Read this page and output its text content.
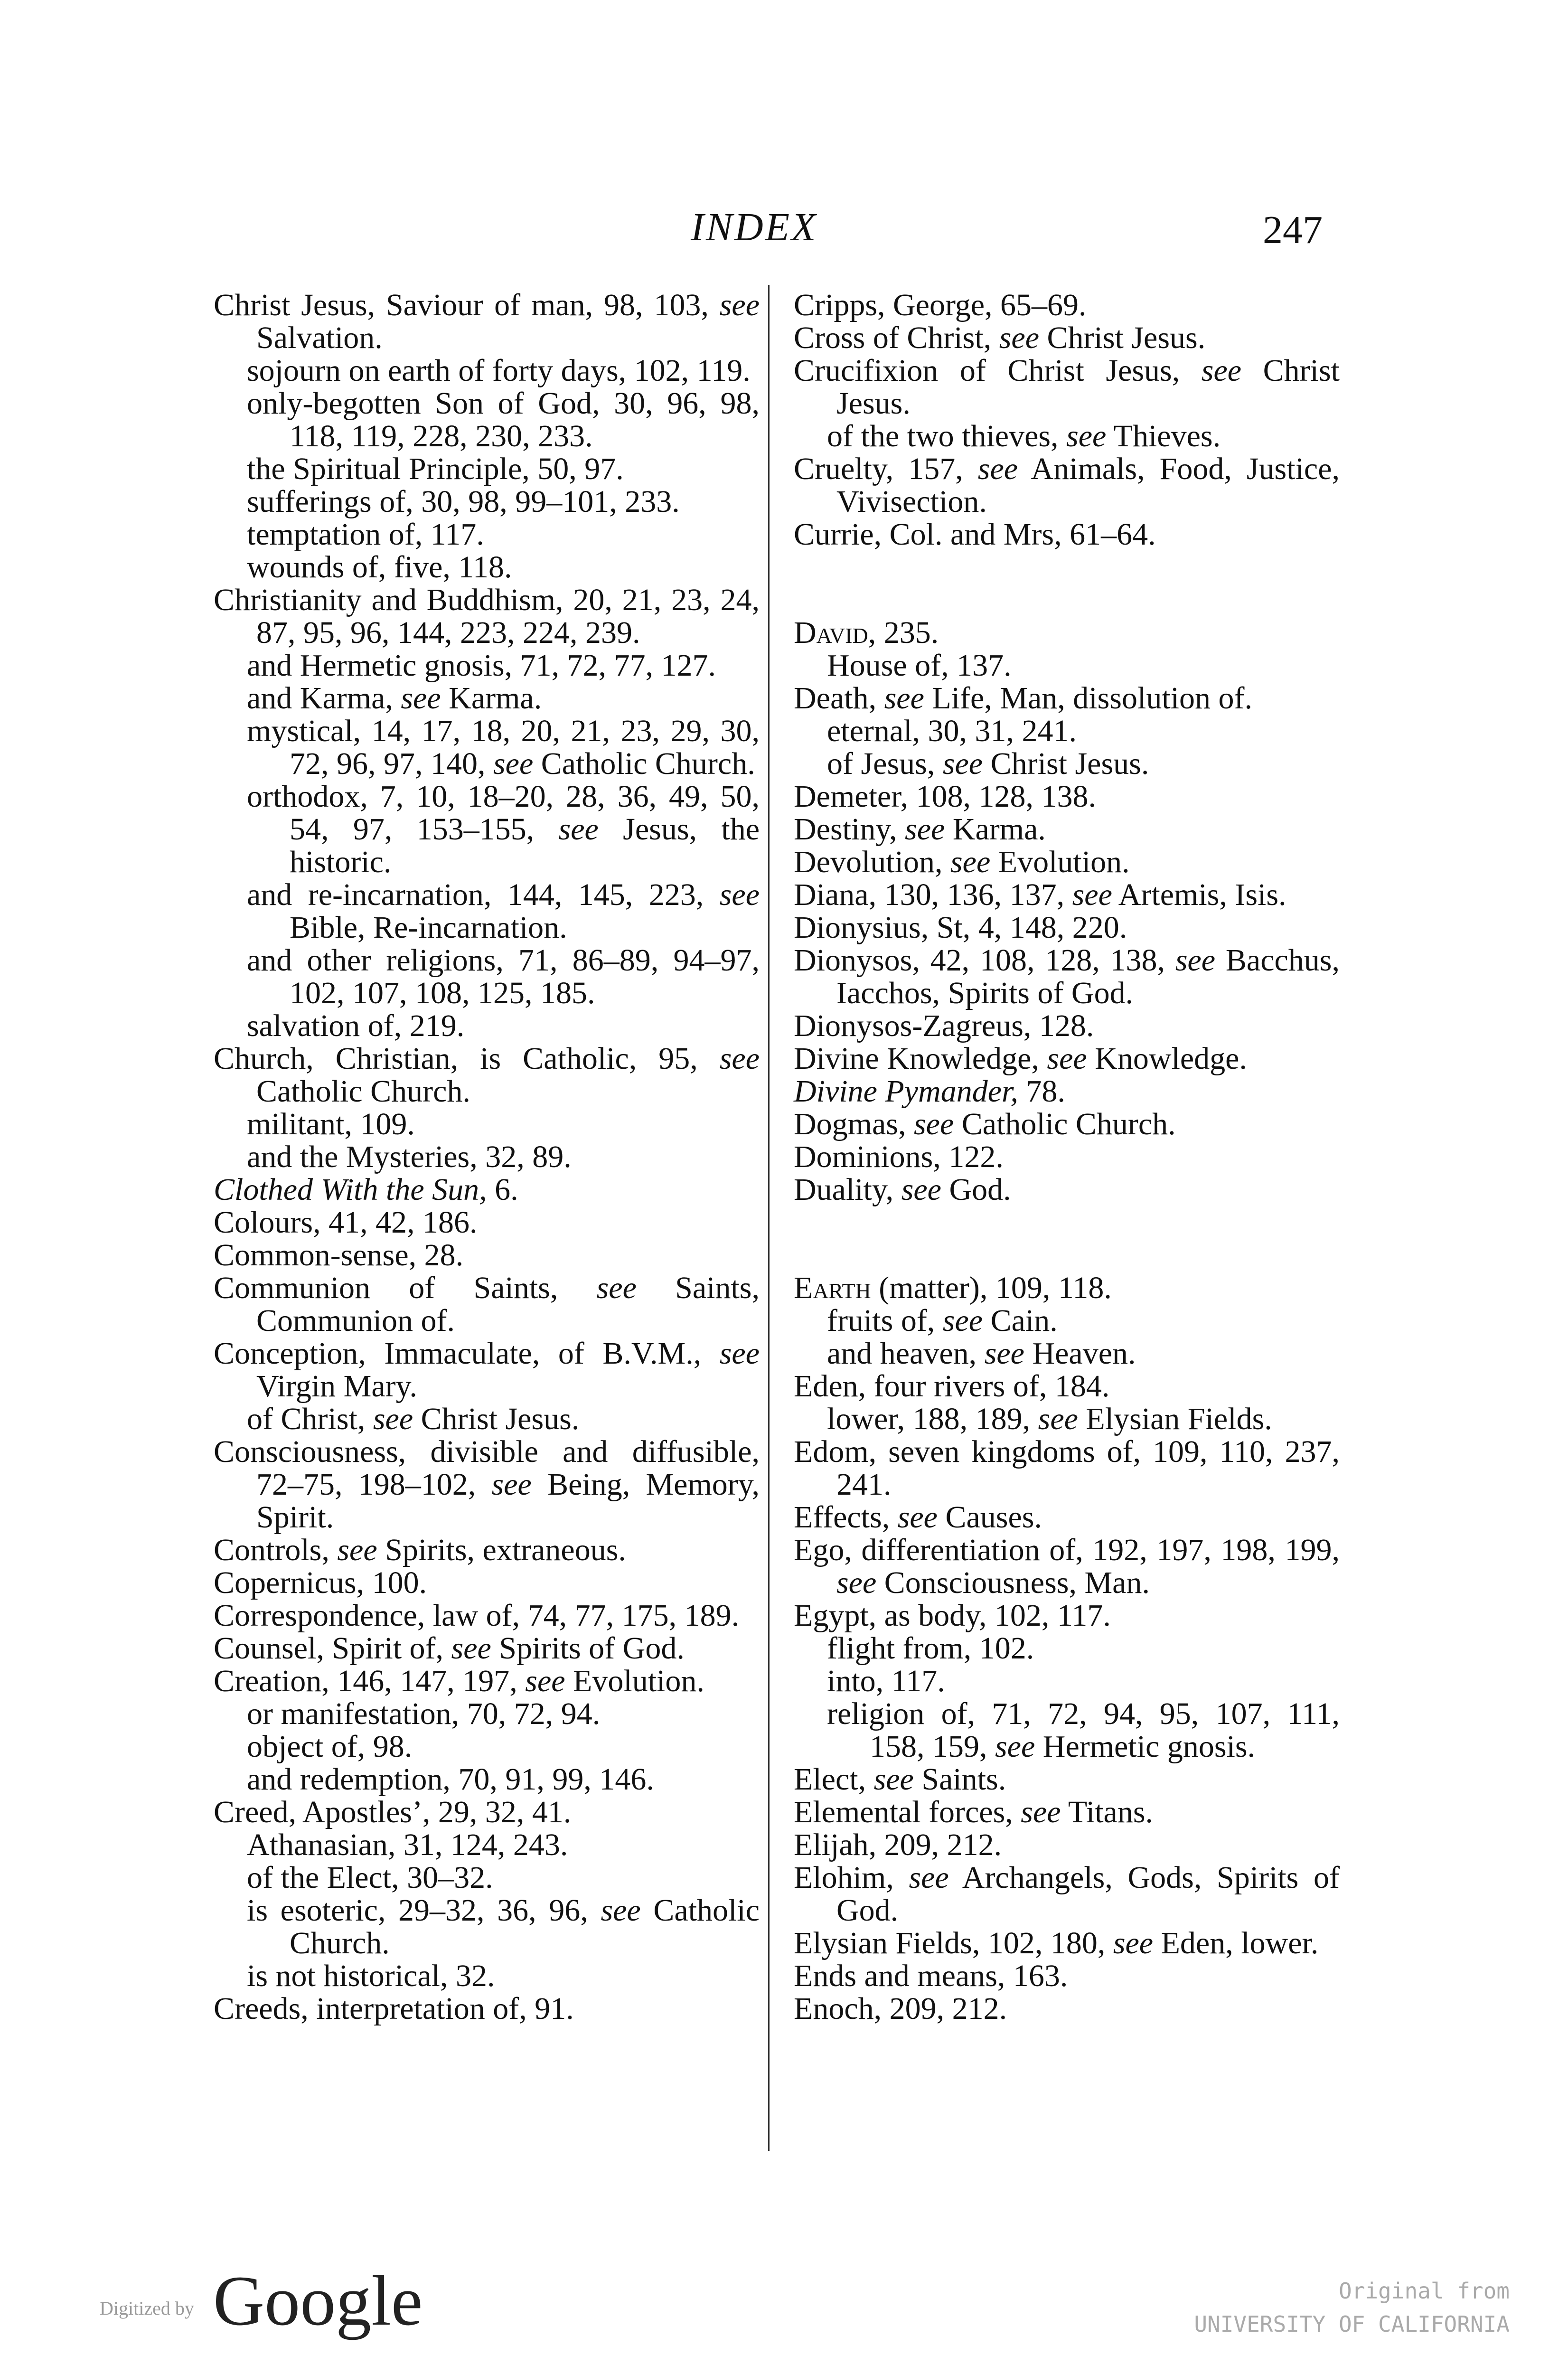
INDEX	247
Christ Jesus, Saviour of man, 98, 103, see Salvation.
sojourn on earth of forty days, 102, 119.
only-begotten Son of God, 30, 96, 98, 118, 119, 228, 230, 233.
the Spiritual Principle, 50, 97.
sufferings of, 30, 98, 99–101, 233.
temptation of, 117.
wounds of, five, 118.
Christianity and Buddhism, 20, 21, 23, 24, 87, 95, 96, 144, 223, 224, 239.
and Hermetic gnosis, 71, 72, 77, 127.
and Karma, see Karma.
mystical, 14, 17, 18, 20, 21, 23, 29, 30, 72, 96, 97, 140, see Catholic Church.
orthodox, 7, 10, 18–20, 28, 36, 49, 50, 54, 97, 153–155, see Jesus, the historic.
and re-incarnation, 144, 145, 223, see Bible, Re-incarnation.
and other religions, 71, 86–89, 94–97, 102, 107, 108, 125, 185.
salvation of, 219.
Church, Christian, is Catholic, 95, see Catholic Church.
militant, 109.
and the Mysteries, 32, 89.
Clothed With the Sun, 6.
Colours, 41, 42, 186.
Common-sense, 28.
Communion of Saints, see Saints, Communion of.
Conception, Immaculate, of B.V.M., see Virgin Mary.
of Christ, see Christ Jesus.
Consciousness, divisible and diffusible, 72–75, 198–102, see Being, Memory, Spirit.
Controls, see Spirits, extraneous.
Copernicus, 100.
Correspondence, law of, 74, 77, 175, 189.
Counsel, Spirit of, see Spirits of God.
Creation, 146, 147, 197, see Evolution.
or manifestation, 70, 72, 94.
object of, 98.
and redemption, 70, 91, 99, 146.
Creed, Apostles’, 29, 32, 41.
Athanasian, 31, 124, 243.
of the Elect, 30–32.
is esoteric, 29–32, 36, 96, see Catholic Church.
is not historical, 32.
Creeds, interpretation of, 91.
Cripps, George, 65–69.
Cross of Christ, see Christ Jesus.
Crucifixion of Christ Jesus, see Christ Jesus.
of the two thieves, see Thieves.
Cruelty, 157, see Animals, Food, Justice, Vivisection.
Currie, Col. and Mrs, 61–64.
David, 235.
House of, 137.
Death, see Life, Man, dissolution of.
eternal, 30, 31, 241.
of Jesus, see Christ Jesus.
Demeter, 108, 128, 138.
Destiny, see Karma.
Devolution, see Evolution.
Diana, 130, 136, 137, see Artemis, Isis.
Dionysius, St, 4, 148, 220.
Dionysos, 42, 108, 128, 138, see Bacchus, Iacchos, Spirits of God.
Dionysos-Zagreus, 128.
Divine Knowledge, see Knowledge.
Divine Pymander, 78.
Dogmas, see Catholic Church.
Dominions, 122.
Duality, see God.
Earth (matter), 109, 118.
fruits of, see Cain.
and heaven, see Heaven.
Eden, four rivers of, 184.
lower, 188, 189, see Elysian Fields.
Edom, seven kingdoms of, 109, 110, 237, 241.
Effects, see Causes.
Ego, differentiation of, 192, 197, 198, 199, see Consciousness, Man.
Egypt, as body, 102, 117.
flight from, 102.
into, 117.
religion of, 71, 72, 94, 95, 107, 111, 158, 159, see Hermetic gnosis.
Elect, see Saints.
Elemental forces, see Titans.
Elijah, 209, 212.
Elohim, see Archangels, Gods, Spirits of God.
Elysian Fields, 102, 180, see Eden, lower.
Ends and means, 163.
Enoch, 209, 212.
Digitized by Google	Original from
UNIVERSITY OF CALIFORNIA
